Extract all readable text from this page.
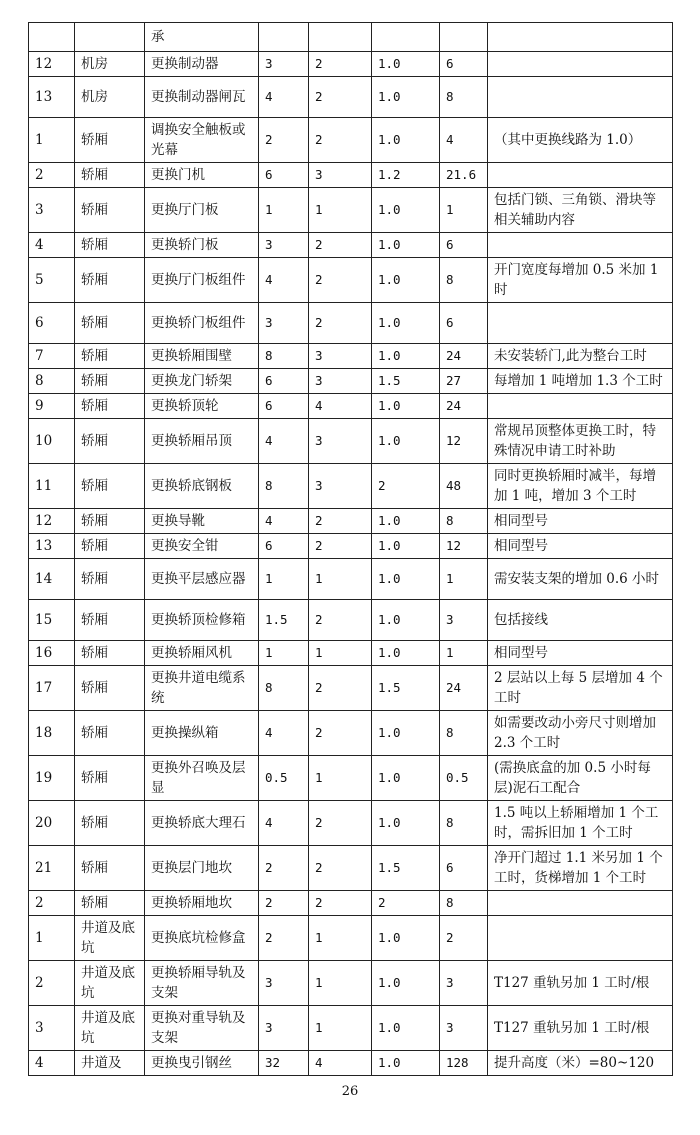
		承					
12	机房	更换制动器	3	2	1.0	6	
13	机房	更换制动器闸瓦	4	2	1.0	8	
1	轿厢	调换安全触板或光幕	2	2	1.0	4	（其中更换线路为 1.0）
2	轿厢	更换门机	6	3	1.2	21.6	
3	轿厢	更换厅门板	1	1	1.0	1	包括门锁、三角锁、滑块等相关辅助内容
4	轿厢	更换轿门板	3	2	1.0	6	
5	轿厢	更换厅门板组件	4	2	1.0	8	开门宽度每增加 0.5 米加 1 时
6	轿厢	更换轿门板组件	3	2	1.0	6	
7	轿厢	更换轿厢围壁	8	3	1.0	24	未安装轿门,此为整台工时
8	轿厢	更换龙门轿架	6	3	1.5	27	每增加 1 吨增加 1.3 个工时
9	轿厢	更换轿顶轮	6	4	1.0	24	
10	轿厢	更换轿厢吊顶	4	3	1.0	12	常规吊顶整体更换工时，特殊情况申请工时补助
11	轿厢	更换轿底钢板	8	3	2	48	同时更换轿厢时减半，每增加 1 吨，增加 3 个工时
12	轿厢	更换导靴	4	2	1.0	8	相同型号
13	轿厢	更换安全钳	6	2	1.0	12	相同型号
14	轿厢	更换平层感应器	1	1	1.0	1	需安装支架的增加 0.6 小时
15	轿厢	更换轿顶检修箱	1.5	2	1.0	3	包括接线
16	轿厢	更换轿厢风机	1	1	1.0	1	相同型号
17	轿厢	更换井道电缆系统	8	2	1.5	24	2 层站以上每 5 层增加 4 个工时
18	轿厢	更换操纵箱	4	2	1.0	8	如需要改动小旁尺寸则增加 2.3 个工时
19	轿厢	更换外召唤及层显	0.5	1	1.0	0.5	(需换底盒的加 0.5 小时每层)泥石工配合
20	轿厢	更换轿底大理石	4	2	1.0	8	1.5 吨以上轿厢增加 1 个工时，需拆旧加 1 个工时
21	轿厢	更换层门地坎	2	2	1.5	6	净开门超过 1.1 米另加 1 个工时，货梯增加 1 个工时
2	轿厢	更换轿厢地坎	2	2	2	8	
1	井道及底坑	更换底坑检修盒	2	1	1.0	2	
2	井道及底坑	更换轿厢导轨及支架	3	1	1.0	3	T127 重轨另加 1 工时/根
3	井道及底坑	更换对重导轨及支架	3	1	1.0	3	T127 重轨另加 1 工时/根
4	井道及	更换曳引钢丝	32	4	1.0	128	提升高度（米）=80~120
26
